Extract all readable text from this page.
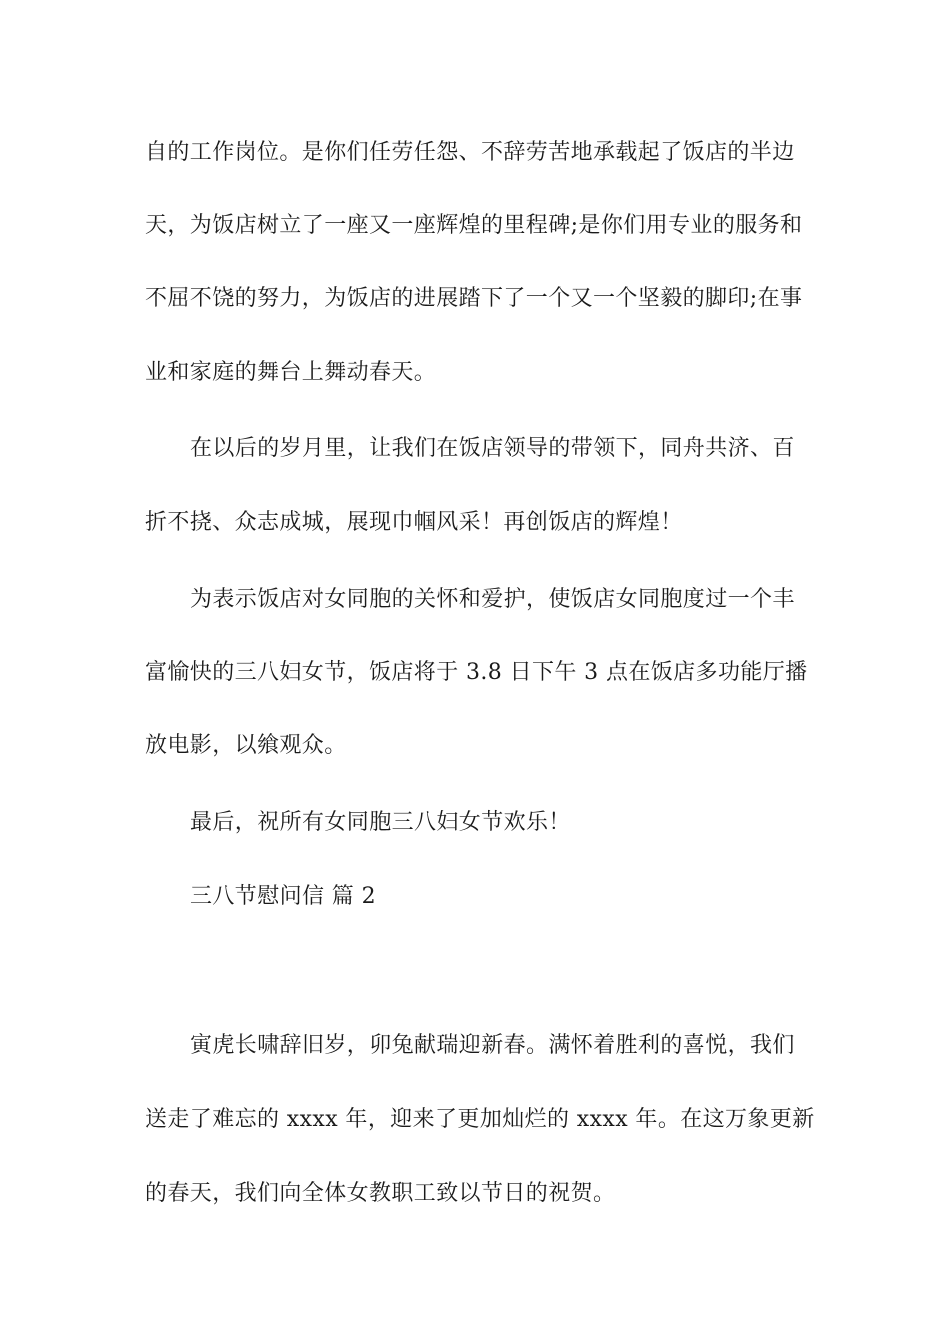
自的工作岗位。是你们任劳任怨、不辞劳苦地承载起了饭店的半边
天，为饭店树立了一座又一座辉煌的里程碑;是你们用专业的服务和
不屈不饶的努力，为饭店的进展踏下了一个又一个坚毅的脚印;在事
业和家庭的舞台上舞动春天。
在以后的岁月里，让我们在饭店领导的带领下，同舟共济、百
折不挠、众志成城，展现巾帼风采！再创饭店的辉煌！
为表示饭店对女同胞的关怀和爱护，使饭店女同胞度过一个丰
富愉快的三八妇女节，饭店将于 3.8 日下午 3 点在饭店多功能厅播
放电影，以飨观众。
最后，祝所有女同胞三八妇女节欢乐！
三八节慰问信 篇 2
寅虎长啸辞旧岁，卯兔献瑞迎新春。满怀着胜利的喜悦，我们
送走了难忘的 xxxx 年，迎来了更加灿烂的 xxxx 年。在这万象更新
的春天，我们向全体女教职工致以节日的祝贺。
